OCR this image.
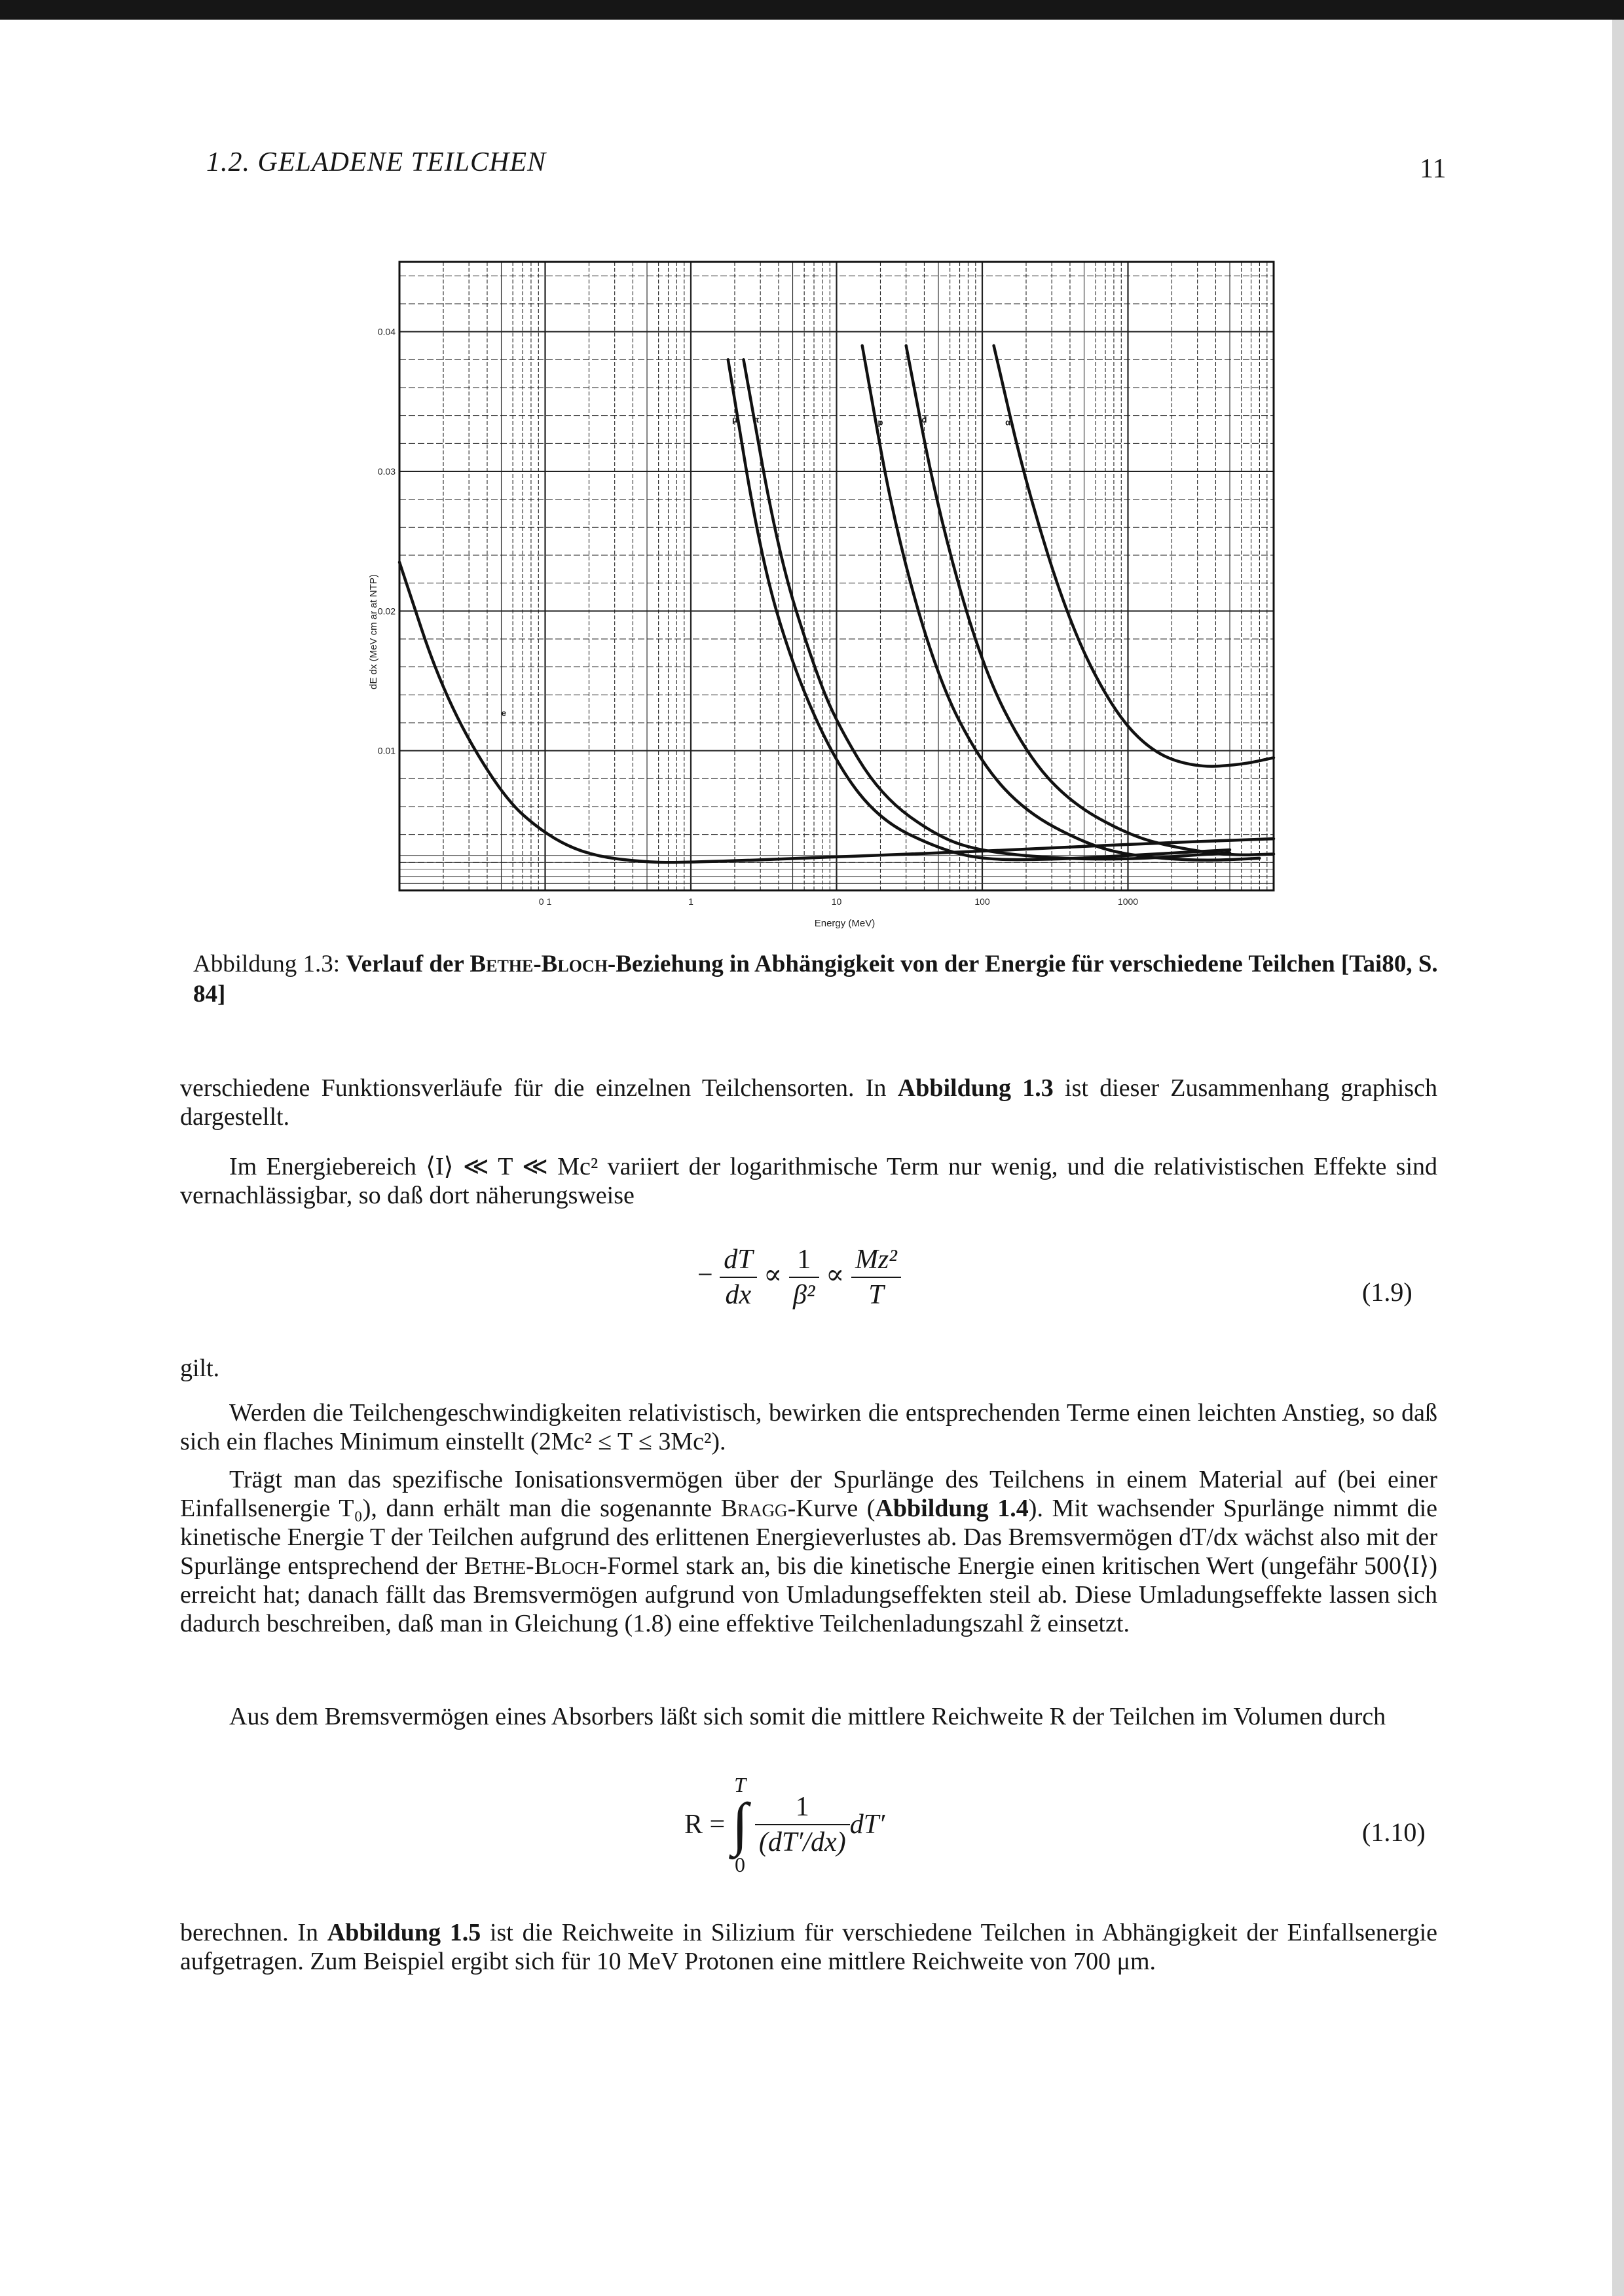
1.2. GELADENE TEILCHEN	11
0.01
0.02
0.03
0.04
0 1	1	10	100	1000
e
μ π	p	d	α
dE dx (MeV cm ar at NTP)
Energy (MeV)
Abbildung 1.3: Verlauf der Bethe-Bloch-Beziehung in Abhängigkeit von der Energie für verschiedene Teilchen [Tai80, S. 84]
verschiedene Funktionsverläufe für die einzelnen Teilchensorten. In Abbildung 1.3 ist dieser Zusammenhang graphisch dargestellt.
Im Energiebereich ⟨I⟩ ≪ T ≪ Mc² variiert der logarithmische Term nur wenig, und die relativistischen Effekte sind vernachlässigbar, so daß dort näherungsweise
− $\frac{dT}{dx} \propto \frac{1}{\text{β²}} \propto \frac{\text{Mz²}}{T}$	(1.9)
gilt.
Werden die Teilchengeschwindigkeiten relativistisch, bewirken die entsprechenden Terme einen leichten Anstieg, so daß sich ein flaches Minimum einstellt (2Mc² ≤ T ≤ 3Mc²).
Trägt man das spezifische Ionisationsvermögen über der Spurlänge des Teilchens in einem Material auf (bei einer Einfallsenergie T₀), dann erhält man die sogenannte Bragg-Kurve (Abbildung 1.4). Mit wachsender Spurlänge nimmt die kinetische Energie T der Teilchen aufgrund des erlittenen Energieverlustes ab. Das Bremsvermögen dT/dx wächst also mit der Spurlänge entsprechend der Bethe-Bloch-Formel stark an, bis die kinetische Energie einen kritischen Wert (ungefähr 500⟨I⟩) erreicht hat; danach fällt das Bremsvermögen aufgrund von Umladungseffekten steil ab. Diese Umladungseffekte lassen sich dadurch beschreiben, daß man in Gleichung (1.8) eine effektive Teilchenladungszahl z̃ einsetzt.
Aus dem Bremsvermögen eines Absorbers läßt sich somit die mittlere Reichweite R der Teilchen im Volumen durch
R =
T
∫
0

$\frac{1}{(dT'/dx)} dT'$	(1.10)
berechnen. In Abbildung 1.5 ist die Reichweite in Silizium für verschiedene Teilchen in Abhängigkeit der Einfallsenergie aufgetragen. Zum Beispiel ergibt sich für 10 MeV Protonen eine mittlere Reichweite von 700 μm.
